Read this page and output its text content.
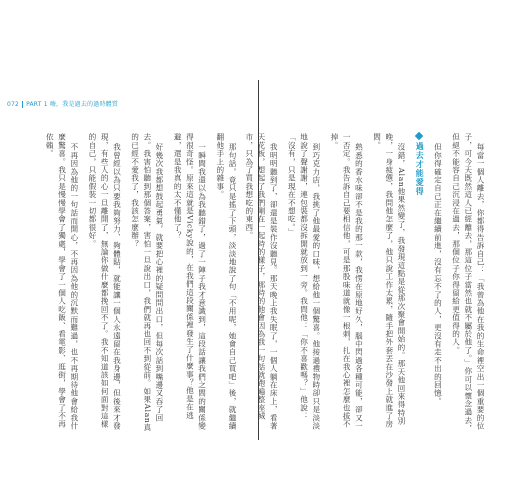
072 PART 1 嗨，我是過去的過時體質

那句話，竟只是搖了下頭，淡淡地說了句「不用呢，她會自己買吧」後，就繼續翻他手上的雜事。

一瞬間我還以為我聽錯了，過了一陣子我才意識到，這段話讓我們之間的關係變得很奇怪。原來這就是Vicky說的，在我們這段關係裡發生了什麼事？他是在逃避，還是我真的太不懂他了？

好幾次我都想鼓起勇氣，就要把心裡的疑問問出口，但每次話到嘴邊又吞了回去。我害怕聽到那個答案，害怕一旦說出口，我們就再也回不到從前。如果Alan真的已經不愛我了，我該怎麼辦？

我曾經以為只要我夠努力、夠體貼，就能讓一個人永遠留在我身邊，但後來才發現，有些人的心一旦離開了，無論你做什麼都挽回不了。我不知道該如何面對這樣的自己，只能假裝一切都很好。

不再因為他的一句話而開心，不再因為他的沉默而難過，也不再期待他會給我什麼驚喜。我只是慢慢學會了獨處，學會了一個人吃飯、看電影、逛街，學會了不再依賴。	每當一個人離去，你都得告訴自己：「我曾為他在我的生命裡空出一個重要的位子，可今天既然這人已經離去，那這位子當然也就不屬於他了。」你可以懷念過去，但絕不能容自己沉浸在過去，那個位子你得留給更值得的人。

但你得確定自己正在繼續前進，沒有忘不了的人，更沒有走不出的回憶。

過去才能愛得

沒錯，Alan他果然變了，我發現這點是從那次聚會開始的。那天他回來得特別晚，一身疲憊，我問他怎麼了，他只說工作太累，隨手把外套丟在沙發上就進了房間。

熟悉的香水味卻不是我的那一款，我愣在原地好久，腦中閃過各種可能，卻又一一否定。我告訴自己要相信他，可是那股味道就像一根刺，扎在我心裡怎麼也拔不掉。

到巧克力店，我挑了他最愛的口味，想給他一個驚喜。他接過禮物時卻只是淡淡地說了聲謝謝，連包裝都沒拆開就放到一旁。我問他：「你不喜歡嗎？」他說：「沒有，只是現在不想吃。」

我明明聽到了，卻還是裝作沒聽見。那天晚上我失眠了，一個人躺在床上，看著天花板，想起了我們剛在一起時的樣子，那時的他會因為我一句話就跑遍整座城市，只為了買我想吃的東西。
